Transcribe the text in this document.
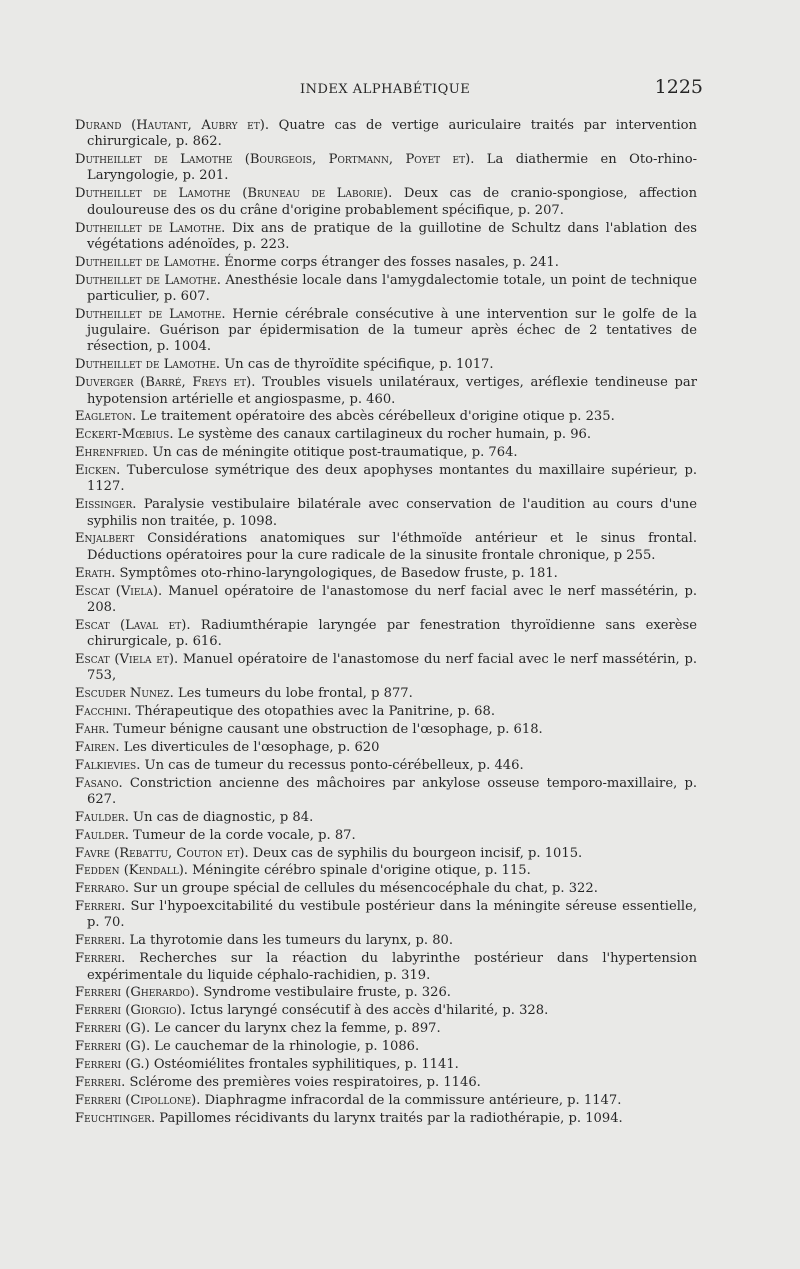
INDEX ALPHABÉTIQUE	1225

Durand (Hautant, Aubry et). Quatre cas de vertige auriculaire traités par intervention chirurgicale, p. 862.

Dutheillet de Lamothe (Bourgeois, Portmann, Poyet et). La diathermie en Oto-rhino-Laryngologie, p. 201.

Dutheillet de Lamothe (Bruneau de Laborie). Deux cas de cranio-spongiose, affection douloureuse des os du crâne d'origine probablement spécifique, p. 207.

Dutheillet de Lamothe. Dix ans de pratique de la guillotine de Schultz dans l'ablation des végétations adénoïdes, p. 223.

Dutheillet de Lamothe. Énorme corps étranger des fosses nasales, p. 241.

Dutheillet de Lamothe. Anesthésie locale dans l'amygdalectomie totale, un point de technique particulier, p. 607.

Dutheillet de Lamothe. Hernie cérébrale consécutive à une intervention sur le golfe de la jugulaire. Guérison par épidermisation de la tumeur après échec de 2 tentatives de résection, p. 1004.

Dutheillet de Lamothe. Un cas de thyroïdite spécifique, p. 1017.

Duverger (Barré, Freys et). Troubles visuels unilatéraux, vertiges, aréflexie tendineuse par hypotension artérielle et angiospasme, p. 460.

Eagleton. Le traitement opératoire des abcès cérébelleux d'origine otique p. 235.

Eckert-Mœbius. Le système des canaux cartilagineux du rocher humain, p. 96.

Ehrenfried. Un cas de méningite otitique post-traumatique, p. 764.

Eicken. Tuberculose symétrique des deux apophyses montantes du maxillaire supérieur, p. 1127.

Eissinger. Paralysie vestibulaire bilatérale avec conservation de l'audition au cours d'une syphilis non traitée, p. 1098.

Enjalbert Considérations anatomiques sur l'éthmoïde antérieur et le sinus frontal. Déductions opératoires pour la cure radicale de la sinusite frontale chronique, p 255.

Erath. Symptômes oto-rhino-laryngologiques, de Basedow fruste, p. 181.

Escat (Viela). Manuel opératoire de l'anastomose du nerf facial avec le nerf massétérin, p. 208.

Escat (Laval et). Radiumthérapie laryngée par fenestration thyroïdienne sans exerèse chirurgicale, p. 616.

Escat (Viela et). Manuel opératoire de l'anastomose du nerf facial avec le nerf massétérin, p. 753,

Escuder Nunez. Les tumeurs du lobe frontal, p 877.

Facchini. Thérapeutique des otopathies avec la Panitrine, p. 68.

Fahr. Tumeur bénigne causant une obstruction de l'œsophage, p. 618.

Fairen. Les diverticules de l'œsophage, p. 620

Falkievies. Un cas de tumeur du recessus ponto-cérébelleux, p. 446.

Fasano. Constriction ancienne des mâchoires par ankylose osseuse temporo-maxillaire, p. 627.

Faulder. Un cas de diagnostic, p 84.

Faulder. Tumeur de la corde vocale, p. 87.

Favre (Rebattu, Couton et). Deux cas de syphilis du bourgeon incisif, p. 1015.

Fedden (Kendall). Méningite cérébro spinale d'origine otique, p. 115.

Ferraro. Sur un groupe spécial de cellules du mésencocéphale du chat, p. 322.

Ferreri. Sur l'hypoexcitabilité du vestibule postérieur dans la méningite séreuse essentielle, p. 70.

Ferreri. La thyrotomie dans les tumeurs du larynx, p. 80.

Ferreri. Recherches sur la réaction du labyrinthe postérieur dans l'hypertension expérimentale du liquide céphalo-rachidien, p. 319.

Ferreri (Gherardo). Syndrome vestibulaire fruste, p. 326.

Ferreri (Giorgio). Ictus laryngé consécutif à des accès d'hilarité, p. 328.

Ferreri (G). Le cancer du larynx chez la femme, p. 897.

Ferreri (G). Le cauchemar de la rhinologie, p. 1086.

Ferreri (G.) Ostéomiélites frontales syphilitiques, p. 1141.

Ferreri. Sclérome des premières voies respiratoires, p. 1146.

Ferreri (Cipollone). Diaphragme infracordal de la commissure antérieure, p. 1147.

Feuchtinger. Papillomes récidivants du larynx traités par la radiothérapie, p. 1094.
